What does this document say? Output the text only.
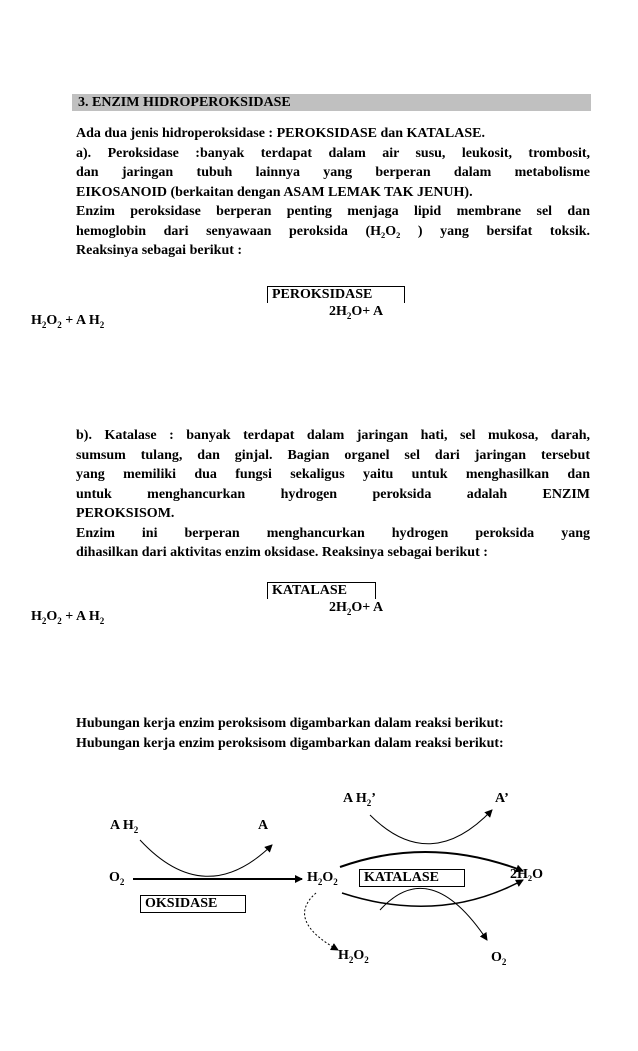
3. ENZIM HIDROPEROKSIDASE
Ada dua jenis hidroperoksidase : PEROKSIDASE dan KATALASE.
a). Peroksidase :banyak terdapat dalam air susu, leukosit, trombosit,
dan jaringan tubuh lainnya yang berperan dalam metabolisme
EIKOSANOID (berkaitan dengan ASAM LEMAK TAK JENUH).
Enzim peroksidase berperan penting menjaga lipid membrane sel dan
hemoglobin dari senyawaan peroksida (H₂O₂ ) yang bersifat toksik.
Reaksinya sebagai berikut :
PEROKSIDASE
$H_2O_2 + A$ $H_2$
$2H_2O+ A$
b). Katalase : banyak terdapat dalam jaringan hati, sel mukosa, darah,
sumsum tulang, dan ginjal. Bagian organel sel dari jaringan tersebut
yang memiliki dua fungsi sekaligus yaitu untuk menghasilkan dan
untuk menghancurkan hydrogen peroksida adalah ENZIM
PEROKSISOM.
Enzim ini berperan menghancurkan hydrogen peroksida yang
dihasilkan dari aktivitas enzim oksidase. Reaksinya sebagai berikut :
KATALASE
$H_2O_2 + A$ $H_2$
$2H_2O+ A$
Hubungan kerja enzim peroksisom digambarkan dalam reaksi berikut:
Hubungan kerja enzim peroksisom digambarkan dalam reaksi berikut:
A $H_2$	A
$O_2$
OKSIDASE
$H_2O_2$	KATALASE	2H₂O
A $H_2$’	A’
$H_2O_2$	$O_2$
